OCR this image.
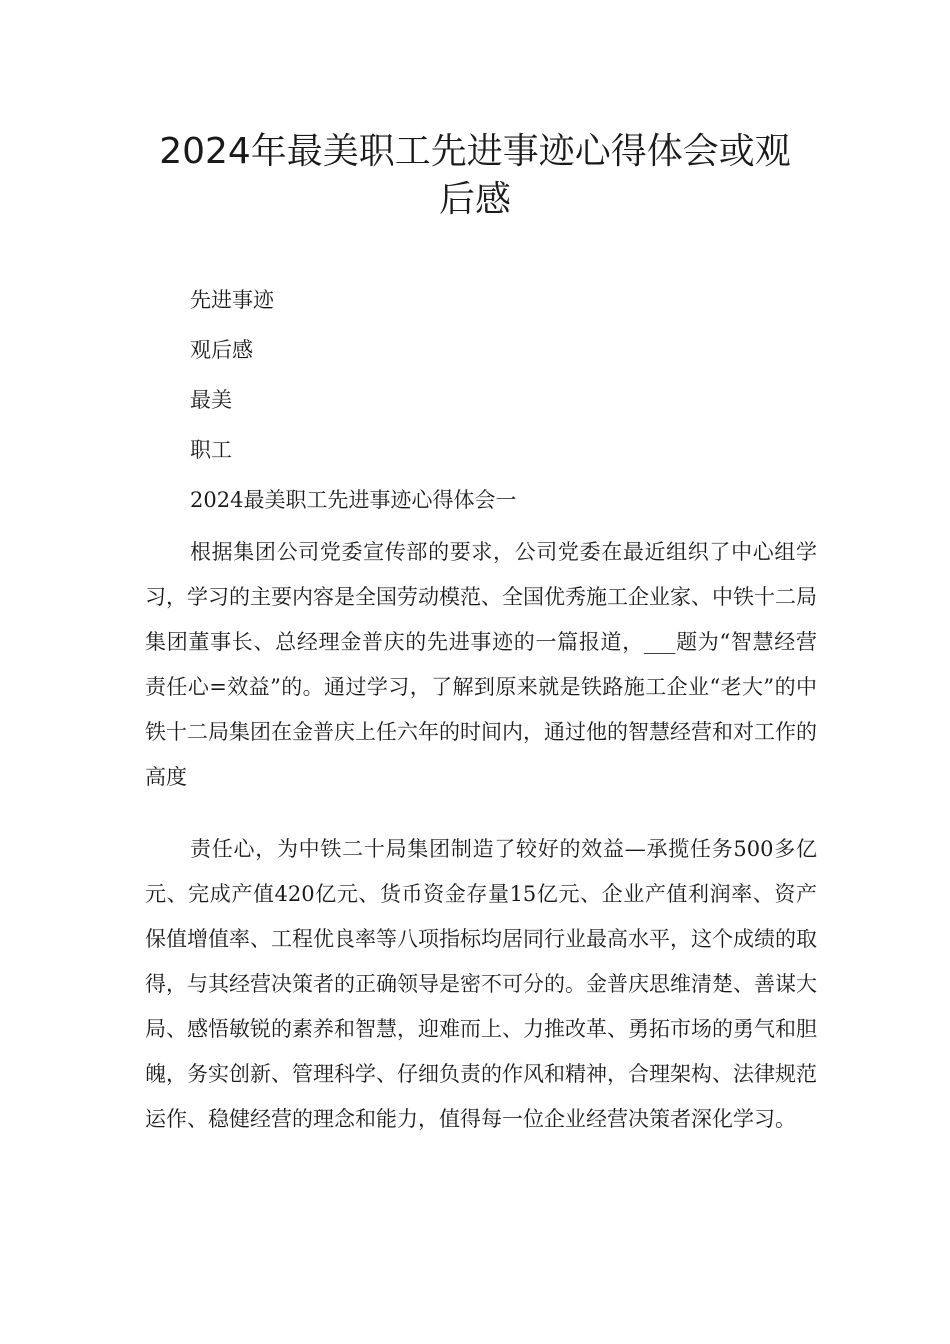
2024年最美职工先进事迹心得体会或观
后感
先进事迹
观后感
最美
职工
2024最美职工先进事迹心得体会一

根据集团公司党委宣传部的要求，公司党委在最近组织了中心组学习，学习的主要内容是全国劳动模范、全国优秀施工企业家、中铁十二局集团董事长、总经理金普庆的先进事迹的一篇报道，___题为“智慧经营责任心=效益”的。通过学习，了解到原来就是铁路施工企业“老大”的中铁十二局集团在金普庆上任六年的时间内，通过他的智慧经营和对工作的高度

责任心，为中铁二十局集团制造了较好的效益—承揽任务500多亿元、完成产值420亿元、货币资金存量15亿元、企业产值利润率、资产保值增值率、工程优良率等八项指标均居同行业最高水平，这个成绩的取得，与其经营决策者的正确领导是密不可分的。金普庆思维清楚、善谋大局、感悟敏锐的素养和智慧，迎难而上、力推改革、勇拓市场的勇气和胆魄，务实创新、管理科学、仔细负责的作风和精神，合理架构、法律规范运作、稳健经营的理念和能力，值得每一位企业经营决策者深化学习。
